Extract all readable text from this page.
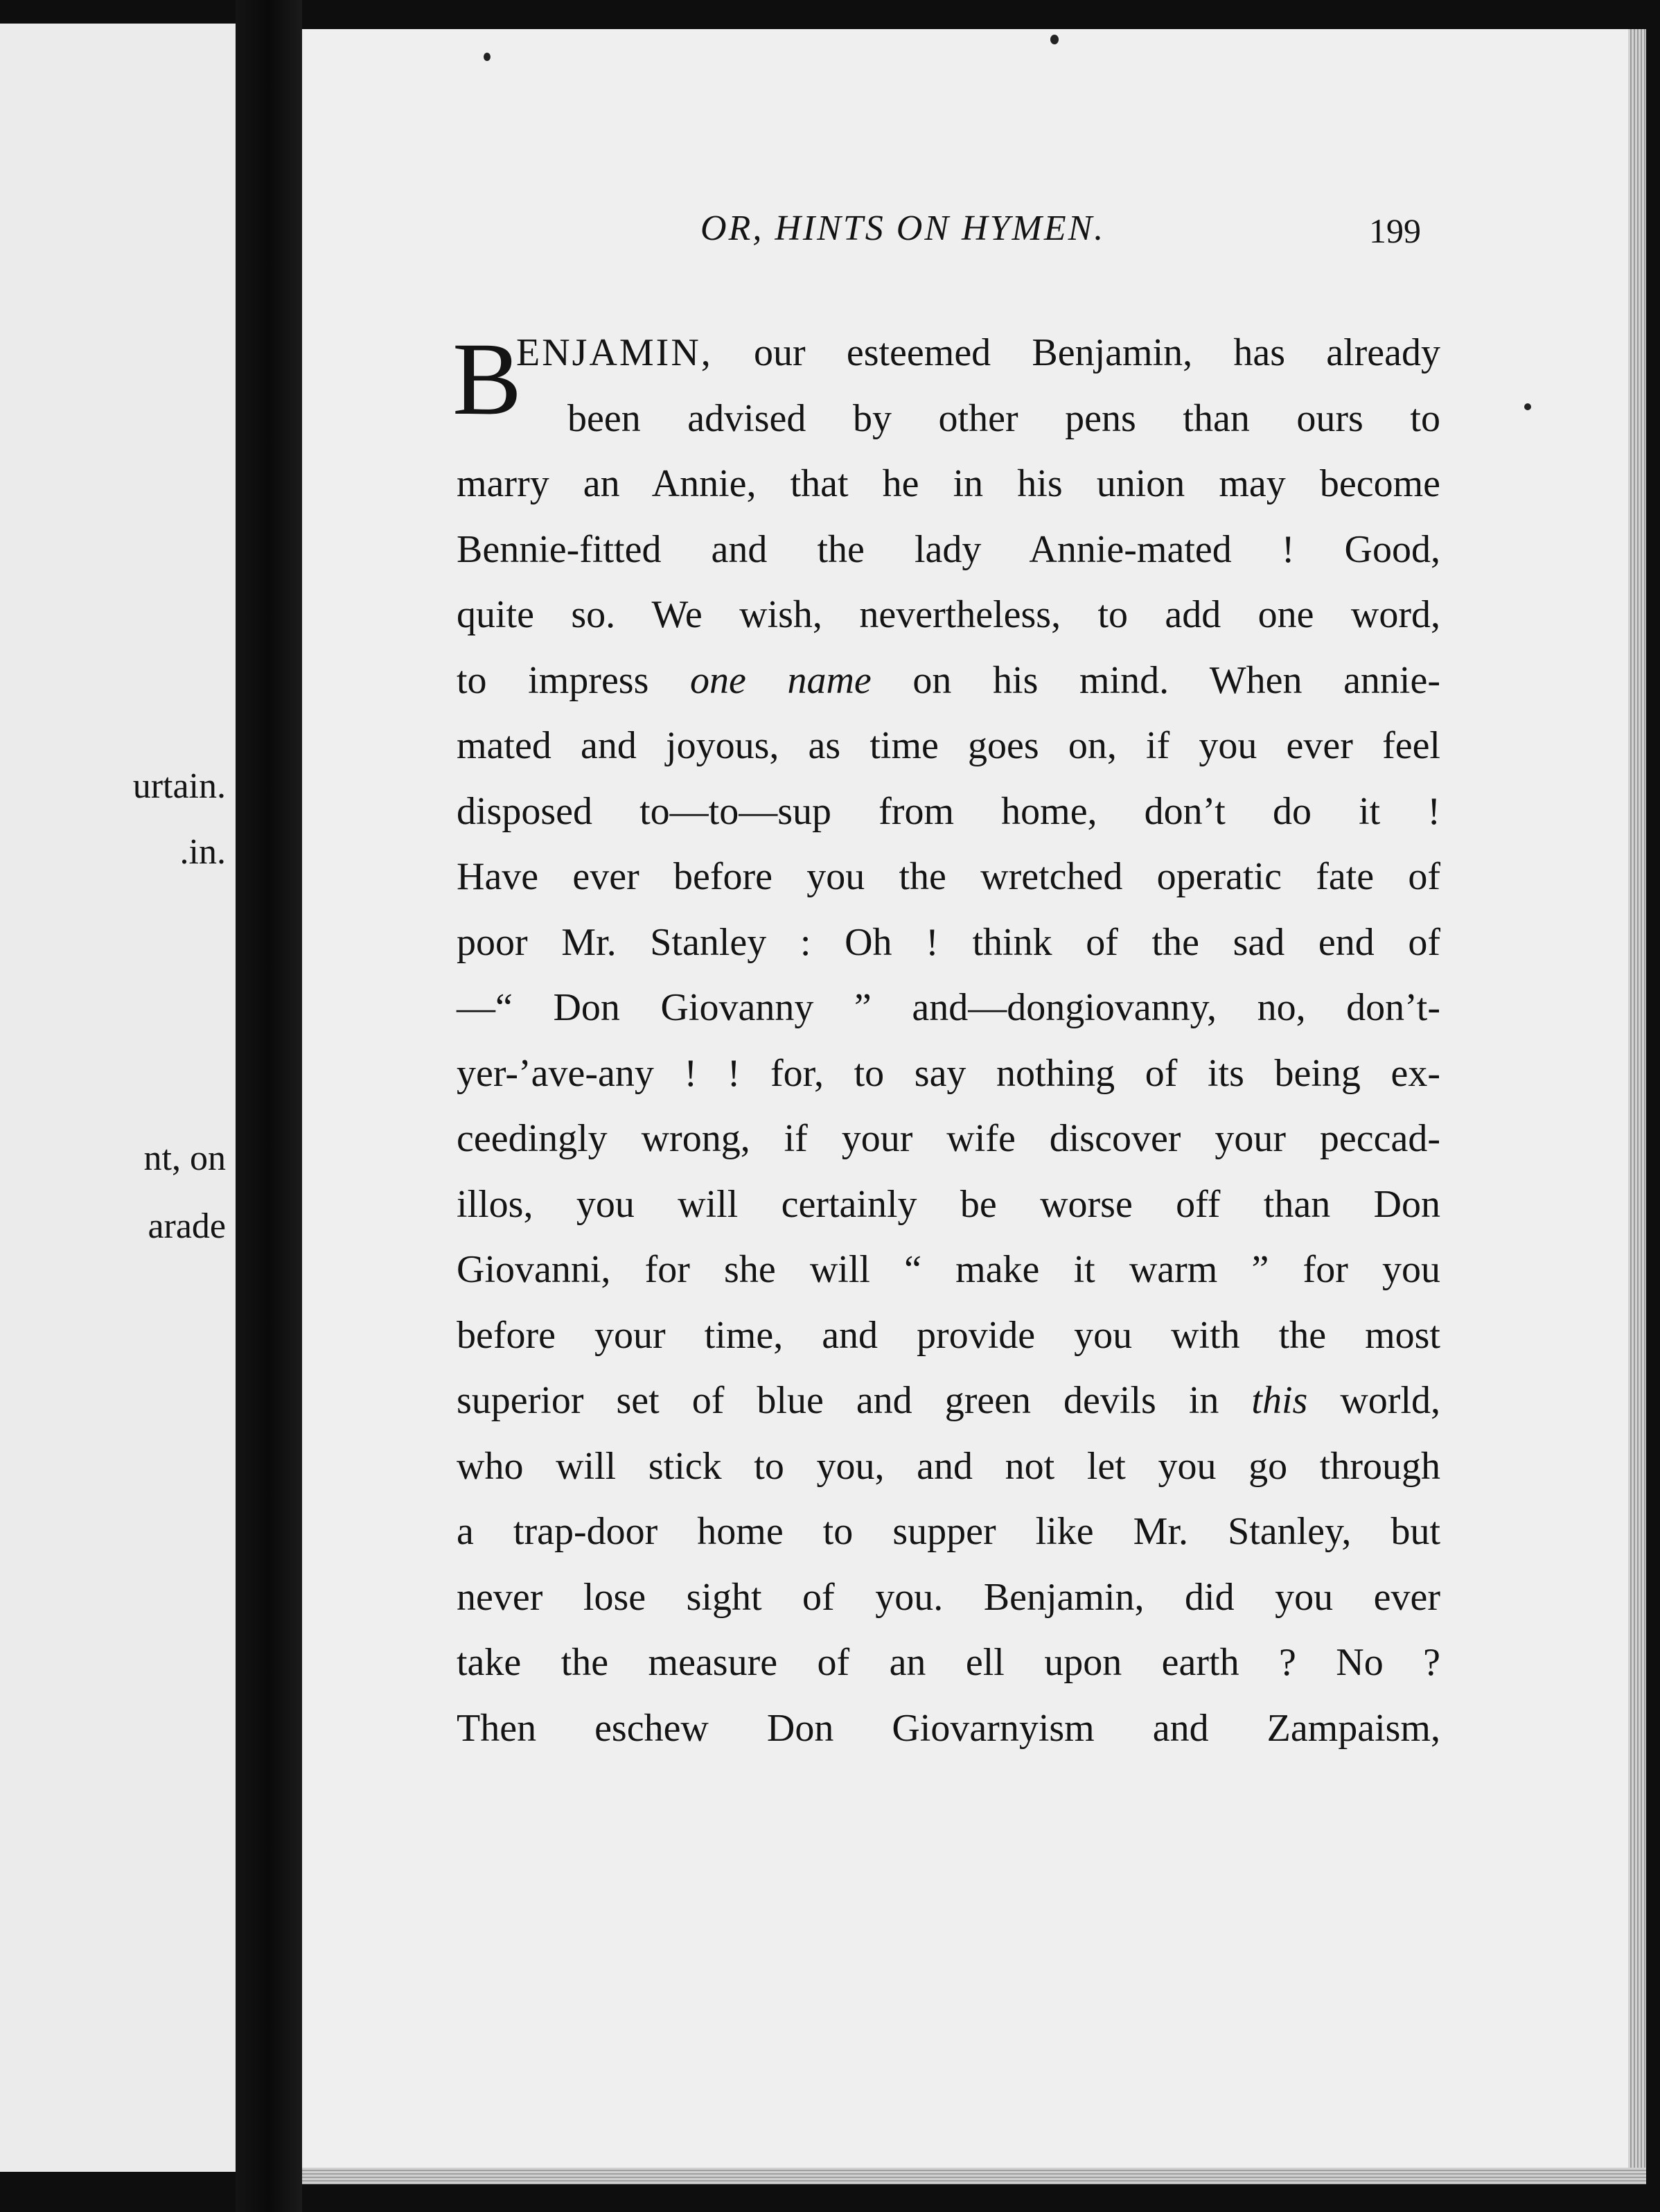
urtain.

.in.

nt, on

arade

OR, HINTS ON HYMEN.	199
B
ENJAMIN, our esteemed Benjamin, has already
been advised by other pens than ours to
marry an Annie, that he in his union may become
Bennie-fitted and the lady Annie-mated ! Good,
quite so. We wish, nevertheless, to add one word,
to impress one name on his mind. When annie-
mated and joyous, as time goes on, if you ever feel
disposed to—to—sup from home, don’t do it !
Have ever before you the wretched operatic fate of
poor Mr. Stanley : Oh ! think of the sad end of
—“ Don Giovanny ” and—dongiovanny, no, don’t-
yer-’ave-any ! ! for, to say nothing of its being ex-
ceedingly wrong, if your wife discover your peccad-
illos, you will certainly be worse off than Don
Giovanni, for she will “ make it warm ” for you
before your time, and provide you with the most
superior set of blue and green devils in this world,
who will stick to you, and not let you go through
a trap-door home to supper like Mr. Stanley, but
never lose sight of you. Benjamin, did you ever
take the measure of an ell upon earth ? No ?
Then eschew Don Giovarnyism and Zampaism,
